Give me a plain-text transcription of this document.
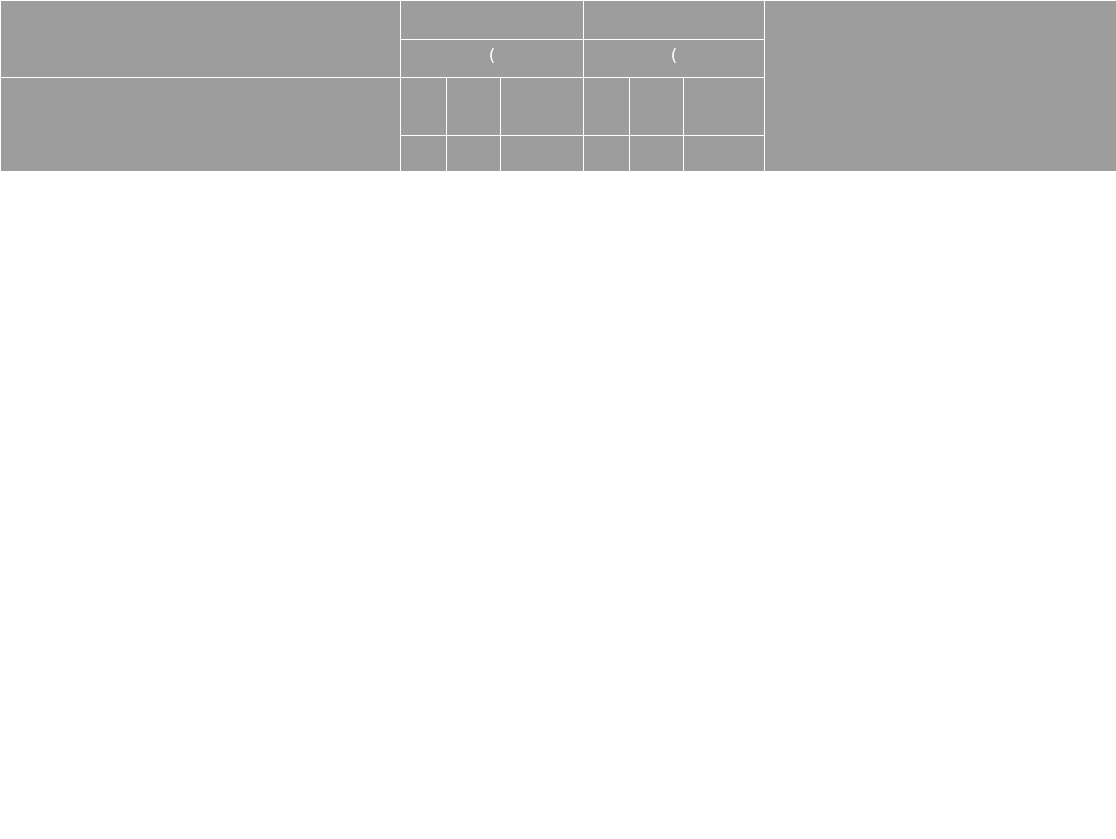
	(			(			
